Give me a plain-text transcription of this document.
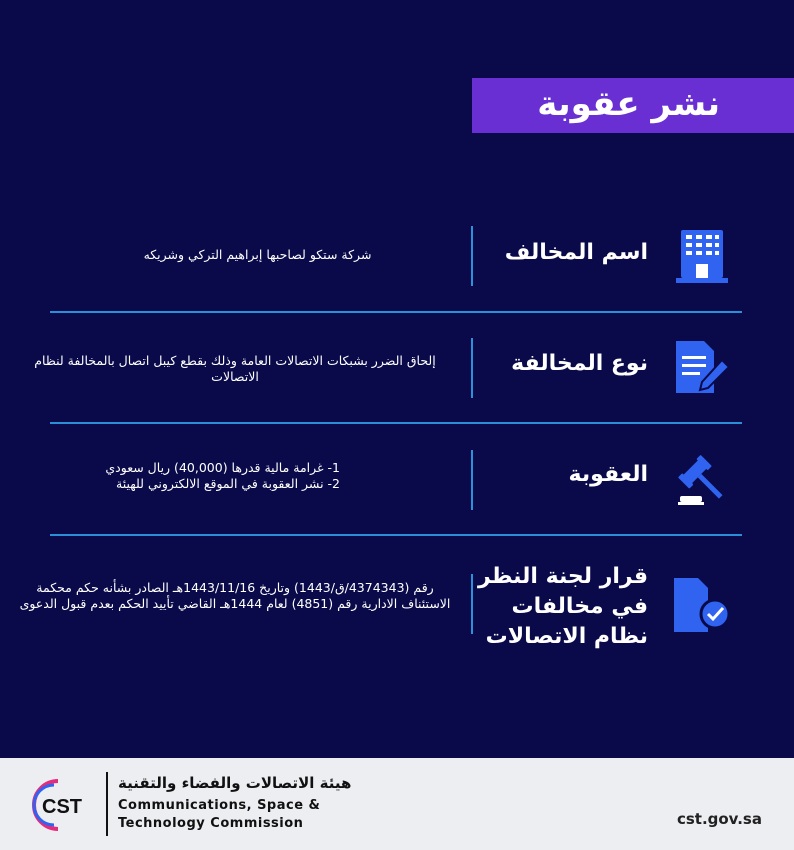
نشر عقوبة
اسم المخالف
شركة ستكو لصاحبها إبراهيم التركي وشريكه
نوع المخالفة
إلحاق الضرر بشبكات الاتصالات العامة وذلك بقطع كيبل اتصال بالمخالفة لنظام الاتصالات
العقوبة
1- غرامة مالية قدرها (40,000) ريال سعودي
2- نشر العقوبة في الموقع الالكتروني للهيئة
قرار لجنة النظر
في مخالفات
نظام الاتصالات
رقم (4374343/ق/1443) وتاريخ 1443/11/16هـ الصادر بشأنه حكم محكمة الاستئناف الادارية رقم (4851) لعام 1444هـ القاضي تأييد الحكم بعدم قبول الدعوى
CST
هيئة الاتصالات والفضاء والتقنية
Communications, Space &
Technology Commission	cst.gov.sa
